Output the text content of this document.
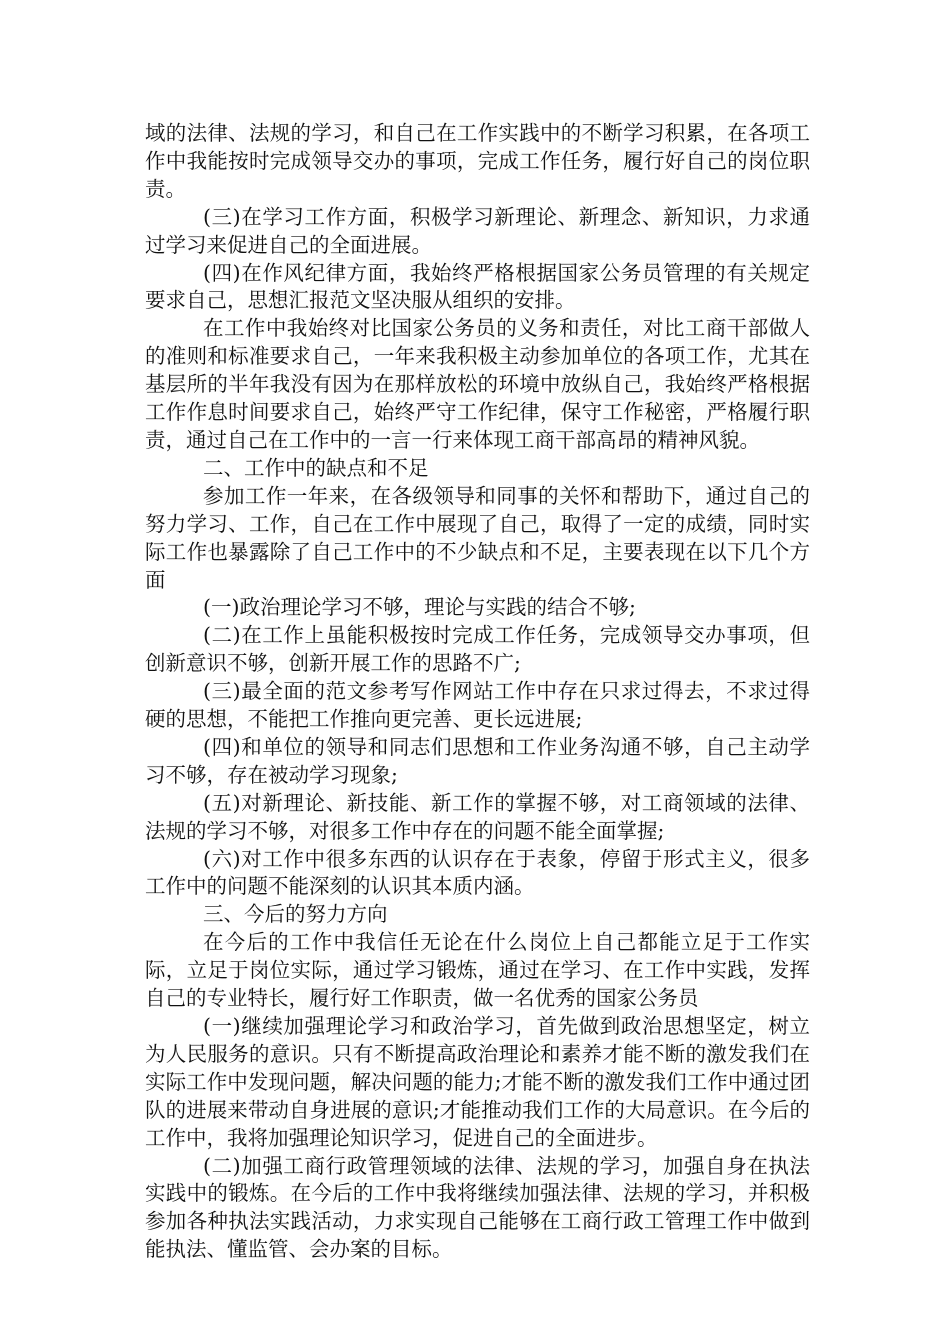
域的法律、法规的学习，和自己在工作实践中的不断学习积累，在各项工作中我能按时完成领导交办的事项，完成工作任务，履行好自己的岗位职责。

(三)在学习工作方面，积极学习新理论、新理念、新知识，力求通过学习来促进自己的全面进展。

(四)在作风纪律方面，我始终严格根据国家公务员管理的有关规定要求自己，思想汇报范文坚决服从组织的安排。

在工作中我始终对比国家公务员的义务和责任，对比工商干部做人的准则和标准要求自己，一年来我积极主动参加单位的各项工作，尤其在基层所的半年我没有因为在那样放松的环境中放纵自己，我始终严格根据工作作息时间要求自己，始终严守工作纪律，保守工作秘密，严格履行职责，通过自己在工作中的一言一行来体现工商干部高昂的精神风貌。

二、工作中的缺点和不足

参加工作一年来，在各级领导和同事的关怀和帮助下，通过自己的努力学习、工作，自己在工作中展现了自己，取得了一定的成绩，同时实际工作也暴露除了自己工作中的不少缺点和不足，主要表现在以下几个方面

(一)政治理论学习不够，理论与实践的结合不够;

(二)在工作上虽能积极按时完成工作任务，完成领导交办事项，但创新意识不够，创新开展工作的思路不广;

(三)最全面的范文参考写作网站工作中存在只求过得去，不求过得硬的思想，不能把工作推向更完善、更长远进展;

(四)和单位的领导和同志们思想和工作业务沟通不够，自己主动学习不够，存在被动学习现象;

(五)对新理论、新技能、新工作的掌握不够，对工商领域的法律、法规的学习不够，对很多工作中存在的问题不能全面掌握;

(六)对工作中很多东西的认识存在于表象，停留于形式主义，很多工作中的问题不能深刻的认识其本质内涵。

三、今后的努力方向

在今后的工作中我信任无论在什么岗位上自己都能立足于工作实际，立足于岗位实际，通过学习锻炼，通过在学习、在工作中实践，发挥自己的专业特长，履行好工作职责，做一名优秀的国家公务员

(一)继续加强理论学习和政治学习，首先做到政治思想坚定，树立为人民服务的意识。只有不断提高政治理论和素养才能不断的激发我们在实际工作中发现问题，解决问题的能力;才能不断的激发我们工作中通过团队的进展来带动自身进展的意识;才能推动我们工作的大局意识。在今后的工作中，我将加强理论知识学习，促进自己的全面进步。

(二)加强工商行政管理领域的法律、法规的学习，加强自身在执法实践中的锻炼。在今后的工作中我将继续加强法律、法规的学习，并积极参加各种执法实践活动，力求实现自己能够在工商行政工管理工作中做到能执法、懂监管、会办案的目标。
